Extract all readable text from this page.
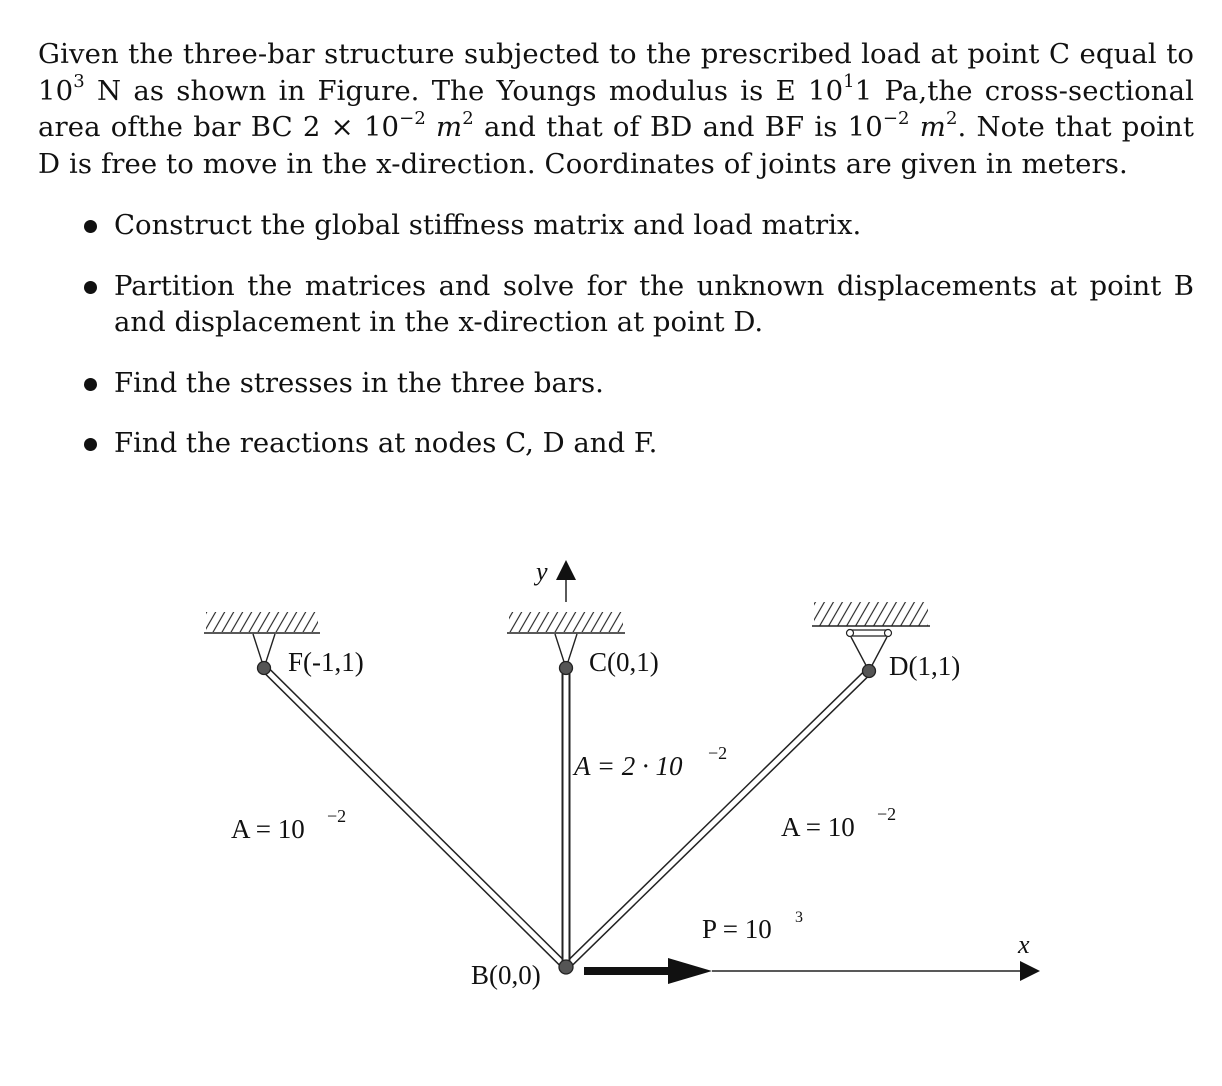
Given the three-bar structure subjected to the prescribed load at point C equal to $10^3$ N as shown in Figure. The Youngs modulus is E $10^11$ Pa,the cross-sectional area ofthe bar BC $2 \times 10^{-2}$ $m^2$ and that of BD and BF is $10^{-2}$ $m^2$. Note that point D is free to move in the x-direction. Coordinates of joints are given in meters.
Construct the global stiffness matrix and load matrix.
Partition the matrices and solve for the unknown displacements at point B and displacement in the x-direction at point D.
Find the stresses in the three bars.
Find the reactions at nodes C, D and F.
y
x
F(-1,1)	C(0,1)	D(1,1)
B(0,0)
A = 2 · 10 −2
A = 10 −2	A = 10 −2
P = 10 3
